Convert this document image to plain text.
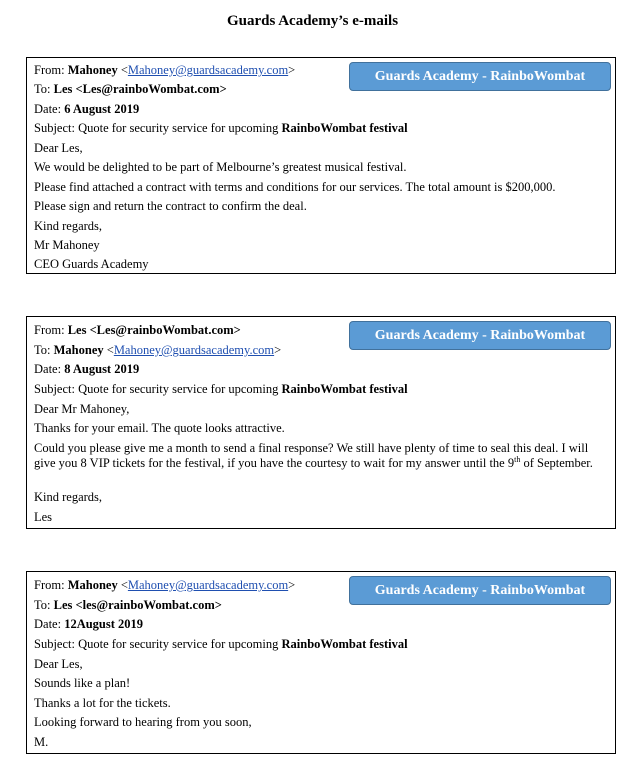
Guards Academy’s e-mails
Guards Academy - RainboWombat
From: Mahoney <Mahoney@guardsacademy.com>
To: Les <Les@rainboWombat.com>
Date: 6 August 2019
Subject: Quote for security service for upcoming RainboWombat festival
Dear Les,
We would be delighted to be part of Melbourne’s greatest musical festival.
Please find attached a contract with terms and conditions for our services. The total amount is $200,000.
Please sign and return the contract to confirm the deal.
Kind regards,
Mr Mahoney
CEO Guards Academy
Guards Academy - RainboWombat
From: Les <Les@rainboWombat.com>
To: Mahoney <Mahoney@guardsacademy.com>
Date: 8 August 2019
Subject: Quote for security service for upcoming RainboWombat festival
Dear Mr Mahoney,
Thanks for your email. The quote looks attractive.
Could you please give me a month to send a final response? We still have plenty of time to seal this deal. I will give you 8 VIP tickets for the festival, if you have the courtesy to wait for my answer until the 9th of September.
Kind regards,
Les
Guards Academy - RainboWombat
From: Mahoney <Mahoney@guardsacademy.com>
To: Les <les@rainboWombat.com>
Date: 12August 2019
Subject: Quote for security service for upcoming RainboWombat festival
Dear Les,
Sounds like a plan!
Thanks a lot for the tickets.
Looking forward to hearing from you soon,
M.
